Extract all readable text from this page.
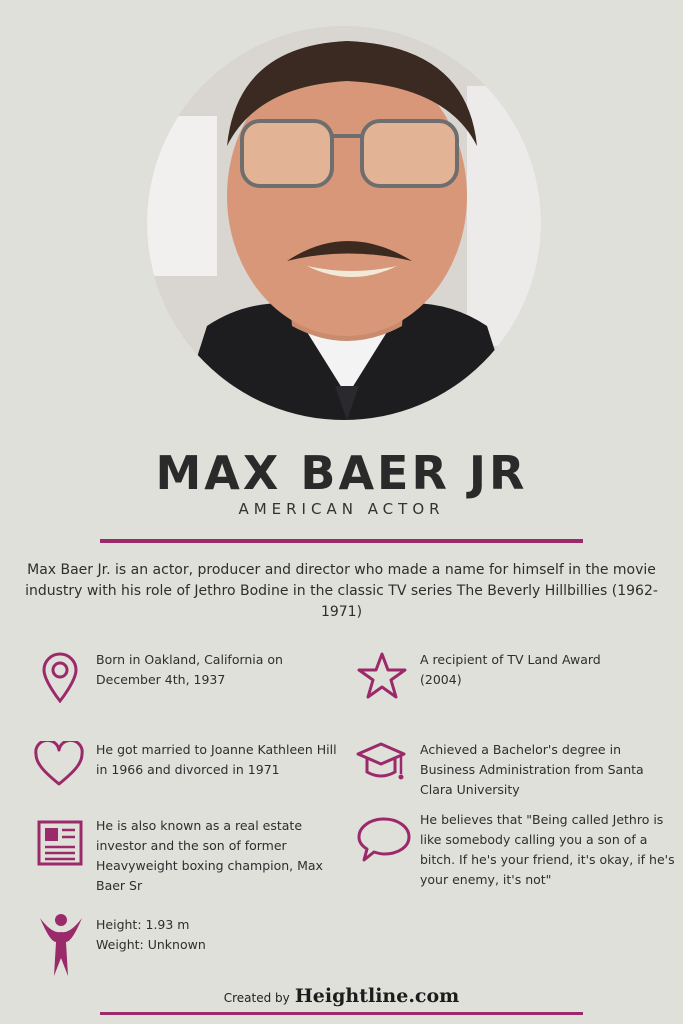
MAX BAER JR
AMERICAN ACTOR
Max Baer Jr. is an actor, producer and director who made a name for himself in the movie industry with his role of Jethro Bodine in the classic TV series The Beverly Hillbillies (1962-1971)
Born in Oakland, California on December 4th, 1937
A recipient of TV Land Award (2004)
He got married to Joanne Kathleen Hill in 1966 and divorced in 1971
Achieved a Bachelor's degree in Business Administration from Santa Clara University
He is also known as a real estate investor and the son of former Heavyweight boxing champion, Max Baer Sr
He believes that "Being called Jethro is like somebody calling you a son of a bitch. If he's your friend, it's okay, if he's your enemy, it's not"
Height: 1.93 m
Weight: Unknown
Created by Heightline.com
